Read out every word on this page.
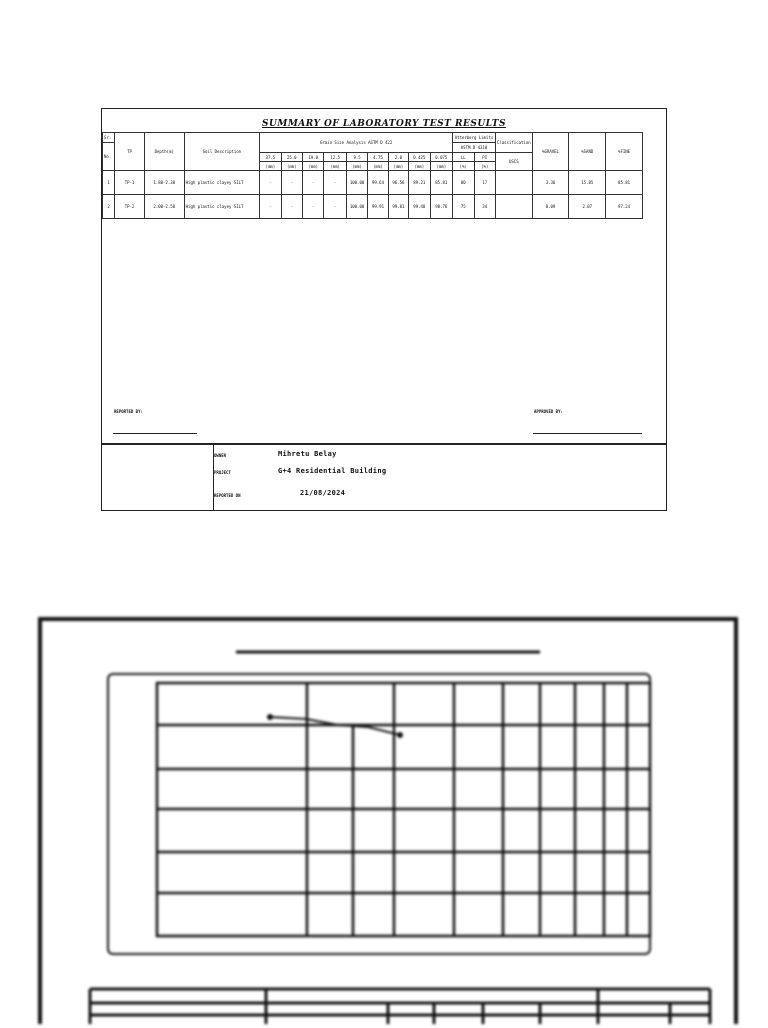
SUMMARY OF LABORATORY TEST RESULTS
Sr.	TP	Depth(m)	Soil Description	Grain Size Analysis ASTM D 422									Atterberg Limits		Classification	%GRAVEL	%SAND	%FINE
No.													ASTM D 4318					
				37.5	25.0	19.0	12.5	9.5	4.75	2.0	0.425	0.075	LL	PI	USCS			
				(mm)	(mm)	(mm)	(mm)	(mm)	(mm)	(mm)	(mm)	(mm)	(%)	(%)				
1	TP-1	1.80-2.38	High plastic clayey SILT	-	-	-	-	100.00	99.64	96.56	89.21	85.81	80	17		3.36	15.85	85.81
2	TP-2	2.00-2.50	High plastic clayey SILT	-	-	-	-	100.00	99.91	99.81	99.40	98.76	75	34		0.09	2.07	97.24
REPORTED BY:	APPROVED BY:
OWNER	Mihretu Belay
PROJECT	G+4 Residential Building
REPORTED ON	21/08/2024
